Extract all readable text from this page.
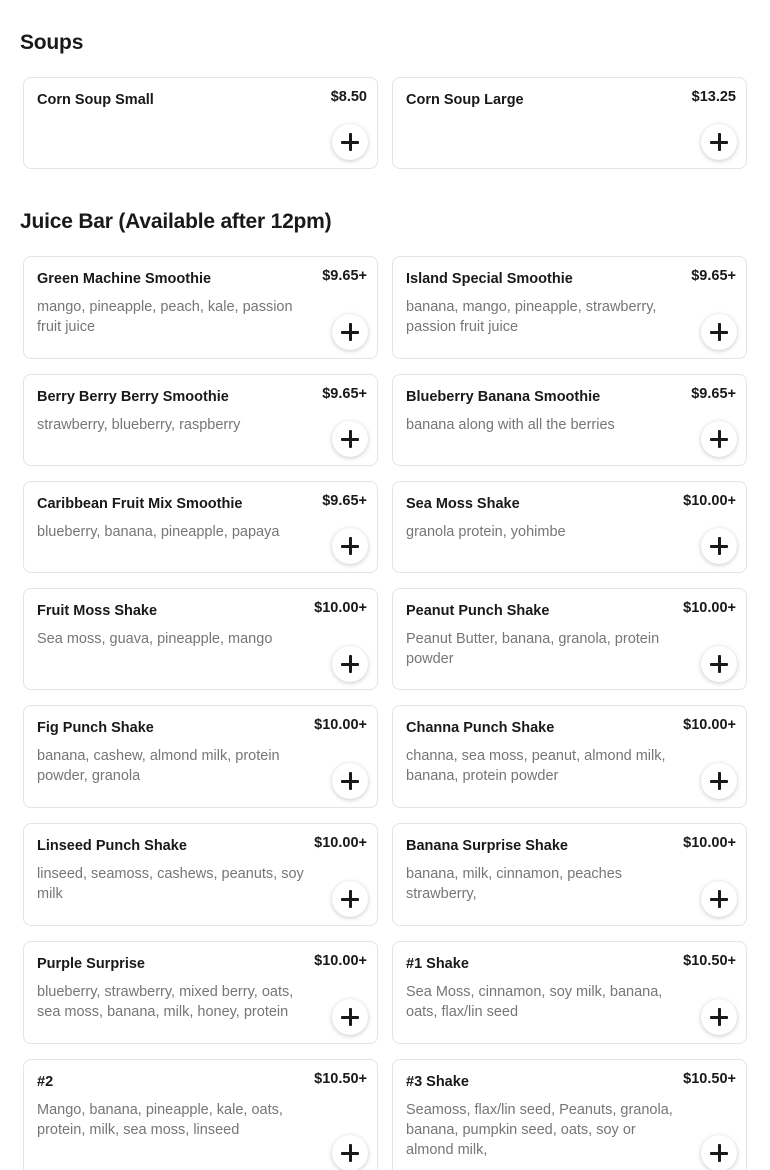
Soups
Corn Soup Small	$8.50	Corn Soup Large	$13.25
Juice Bar (Available after 12pm)
Green Machine Smoothie	$9.65+
mango, pineapple, peach, kale, passion fruit juice
Island Special Smoothie	$9.65+
banana, mango, pineapple, strawberry, passion fruit juice
Berry Berry Berry Smoothie	$9.65+
strawberry, blueberry, raspberry
Blueberry Banana Smoothie	$9.65+
banana along with all the berries
Caribbean Fruit Mix Smoothie	$9.65+
blueberry, banana, pineapple, papaya
Sea Moss Shake	$10.00+
granola protein, yohimbe
Fruit Moss Shake	$10.00+
Sea moss, guava, pineapple, mango
Peanut Punch Shake	$10.00+
Peanut Butter, banana, granola, protein powder
Fig Punch Shake	$10.00+
banana, cashew, almond milk, protein powder, granola
Channa Punch Shake	$10.00+
channa, sea moss, peanut, almond milk, banana, protein powder
Linseed Punch Shake	$10.00+
linseed, seamoss, cashews, peanuts, soy milk
Banana Surprise Shake	$10.00+
banana, milk, cinnamon, peaches strawberry,
Purple Surprise	$10.00+
blueberry, strawberry, mixed berry, oats, sea moss, banana, milk, honey, protein
#1 Shake	$10.50+
Sea Moss, cinnamon, soy milk, banana, oats, flax/lin seed
#2	$10.50+
Mango, banana, pineapple, kale, oats, protein, milk, sea moss, linseed
#3 Shake	$10.50+
Seamoss, flax/lin seed, Peanuts, granola, banana, pumpkin seed, oats, soy or almond milk,
